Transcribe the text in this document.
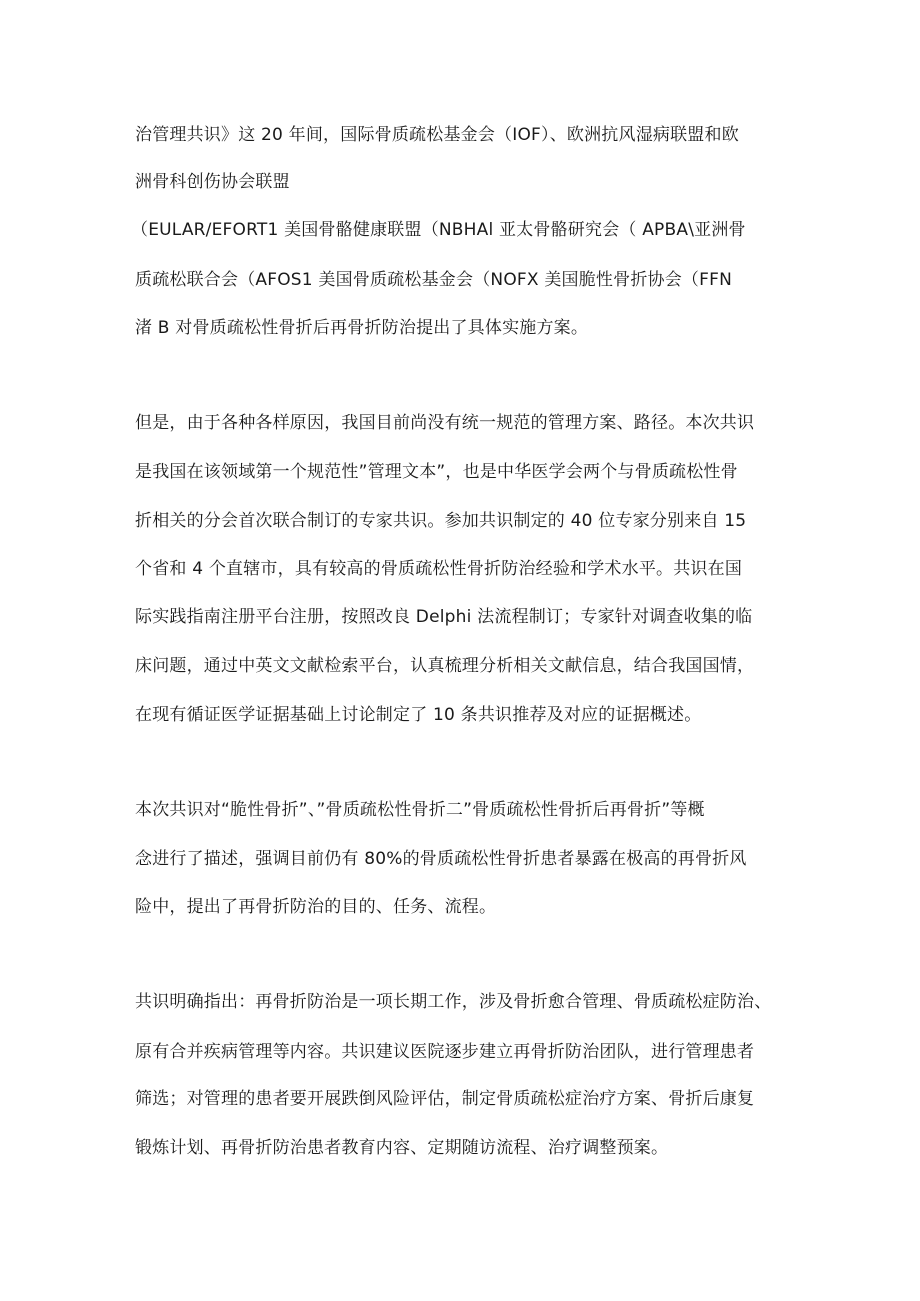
治管理共识》这 20 年间，国际骨质疏松基金会（IOF）、欧洲抗风湿病联盟和欧
洲骨科创伤协会联盟
（EULAR∕EFORT1 美国骨骼健康联盟（NBHAl 亚太骨骼研究会（ APBA\亚洲骨
质疏松联合会（AFOS1 美国骨质疏松基金会（NOFX 美国脆性骨折协会（FFN
渚 B 对骨质疏松性骨折后再骨折防治提出了具体实施方案。
但是，由于各种各样原因，我国目前尚没有统一规范的管理方案、路径。本次共识
是我国在该领域第一个规范性”管理文本”，也是中华医学会两个与骨质疏松性骨
折相关的分会首次联合制订的专家共识。参加共识制定的 40 位专家分别来自 15
个省和 4 个直辖市，具有较高的骨质疏松性骨折防治经验和学术水平。共识在国
际实践指南注册平台注册，按照改良 Delphi 法流程制订；专家针对调查收集的临
床问题，通过中英文文献检索平台，认真梳理分析相关文献信息，结合我国国情，
在现有循证医学证据基础上讨论制定了 10 条共识推荐及对应的证据概述。
本次共识对“脆性骨折”、”骨质疏松性骨折二”骨质疏松性骨折后再骨折”等概
念进行了描述，强调目前仍有 80%的骨质疏松性骨折患者暴露在极高的再骨折风
险中，提出了再骨折防治的目的、任务、流程。
共识明确指出：再骨折防治是一项长期工作，涉及骨折愈合管理、骨质疏松症防治、
原有合并疾病管理等内容。共识建议医院逐步建立再骨折防治团队，进行管理患者
筛选；对管理的患者要开展跌倒风险评估，制定骨质疏松症治疗方案、骨折后康复
锻炼计划、再骨折防治患者教育内容、定期随访流程、治疗调整预案。
